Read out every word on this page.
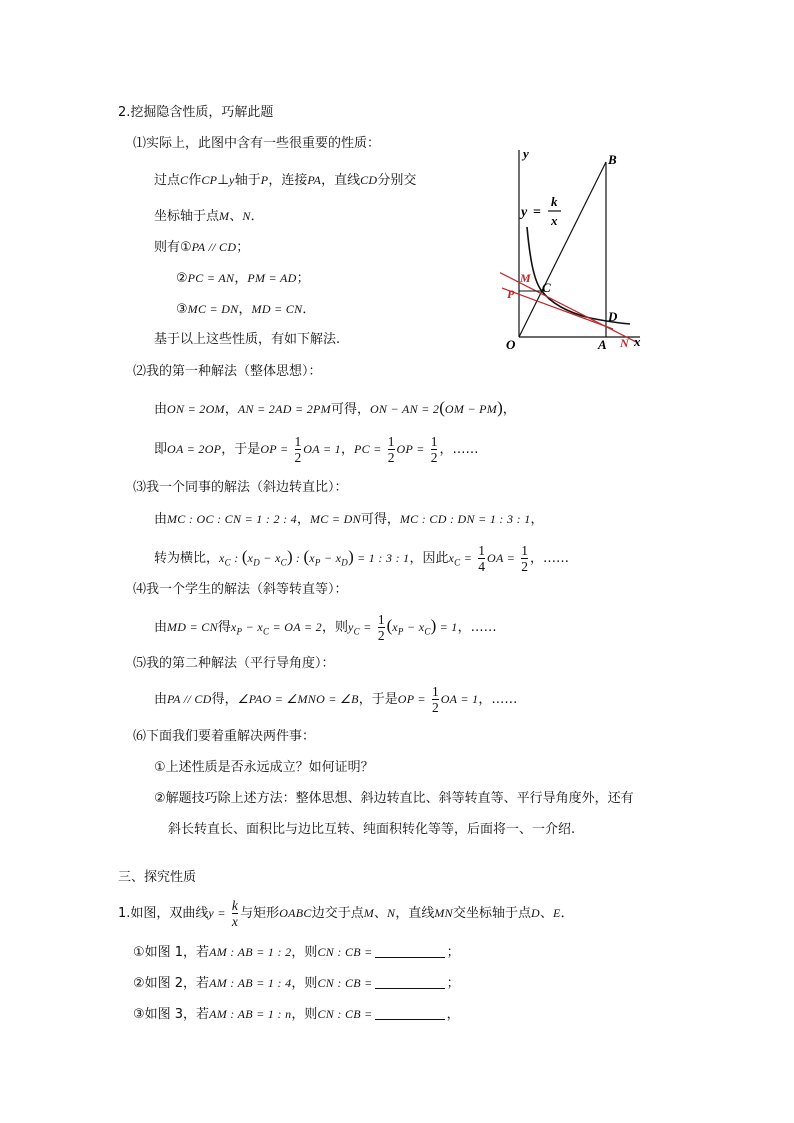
2.挖掘隐含性质，巧解此题
⑴实际上，此图中含有一些很重要的性质：
过点C作CP⊥y轴于P，连接PA，直线CD分别交
坐标轴于点M、N．
则有①PA // CD；
②PC = AN，PM = AD；
③MC = DN，MD = CN．
基于以上这些性质，有如下解法.
⑵我的第一种解法（整体思想）：
由ON = 2OM，AN = 2AD = 2PM可得，ON − AN = 2(OM − PM)，
即OA = 2OP，于是OP = $\frac{1}{2}$ OA = 1，PC = $\frac{1}{2}$ OP = $\frac{1}{2}$ ，……
⑶我一个同事的解法（斜边转直比）：
由MC : OC : CN = 1 : 2 : 4，MC = DN可得，MC : CD : DN = 1 : 3 : 1，
转为横比，$x_C$ : $(x_D - x_C)$ : $(x_P - x_D) = 1$ : 3 : 1，因此$x_C = \frac{1}{4}$ OA = $\frac{1}{2}$ ，……
⑷我一个学生的解法（斜等转直等）：
由MD = CN得$x_P - x_C$ = OA = 2，则$y_C = \frac{1}{2} (x_P - x_C) = 1$，……
⑸我的第二种解法（平行导角度）：
由PA // CD得，∠PAO = ∠MNO = ∠B，于是OP = $\frac{1}{2}$ OA = 1，……
⑹下面我们要着重解决两件事：
①上述性质是否永远成立？如何证明？
②解题技巧除上述方法：整体思想、斜边转直比、斜等转直等、平行导角度外，还有
斜长转直长、面积比与边比互转、纯面积转化等等，后面将一、一介绍.
三、探究性质
1.如图，双曲线$y = \frac{k}{x}$ 与矩形OABC边交于点M、N，直线MN交坐标轴于点D、E．
①如图 1，若AM : AB = 1 : 2，则CN : CB =	；
②如图 2，若AM : AB = 1 : 4，则CN : CB =	；
③如图 3，若AM : AB = 1 : n，则CN : CB =	，
y
x
O
B
A
D
C
M
P
N
y =
k
x
